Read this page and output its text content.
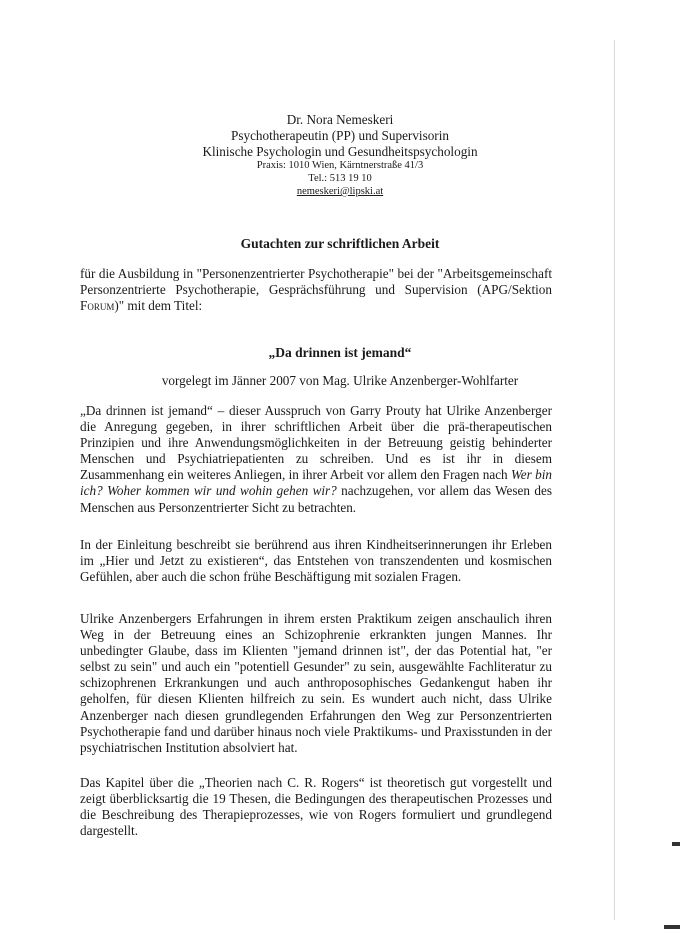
Dr. Nora Nemeskeri
Psychotherapeutin (PP) und Supervisorin
Klinische Psychologin und Gesundheitspsychologin
Praxis: 1010 Wien, Kärntnerstraße 41/3
Tel.: 513 19 10
nemeskeri@lipski.at
Gutachten zur schriftlichen Arbeit

für die Ausbildung in "Personenzentrierter Psychotherapie" bei der "Arbeitsgemeinschaft Personzentrierte Psychotherapie, Gesprächsführung und Supervision (APG/Sektion Forum)" mit dem Titel:

„Da drinnen ist jemand“
vorgelegt im Jänner 2007 von Mag. Ulrike Anzenberger-Wohlfarter

„Da drinnen ist jemand“ – dieser Ausspruch von Garry Prouty hat Ulrike Anzenberger die Anregung gegeben, in ihrer schriftlichen Arbeit über die prä-therapeutischen Prinzipien und ihre Anwendungsmöglichkeiten in der Betreuung geistig behinderter Menschen und Psychiatriepatienten zu schreiben. Und es ist ihr in diesem Zusammenhang ein weiteres Anliegen, in ihrer Arbeit vor allem den Fragen nach Wer bin ich? Woher kommen wir und wohin gehen wir? nachzugehen, vor allem das Wesen des Menschen aus Personzentrierter Sicht zu betrachten.

In der Einleitung beschreibt sie berührend aus ihren Kindheitserinnerungen ihr Erleben im „Hier und Jetzt zu existieren“, das Entstehen von transzendenten und kosmischen Gefühlen, aber auch die schon frühe Beschäftigung mit sozialen Fragen.

Ulrike Anzenbergers Erfahrungen in ihrem ersten Praktikum zeigen anschaulich ihren Weg in der Betreuung eines an Schizophrenie erkrankten jungen Mannes. Ihr unbedingter Glaube, dass im Klienten "jemand drinnen ist", der das Potential hat, "er selbst zu sein" und auch ein "potentiell Gesunder" zu sein, ausgewählte Fachliteratur zu schizophrenen Erkrankungen und auch anthroposophisches Gedankengut haben ihr geholfen, für diesen Klienten hilfreich zu sein. Es wundert auch nicht, dass Ulrike Anzenberger nach diesen grundlegenden Erfahrungen den Weg zur Personzentrierten Psychotherapie fand und darüber hinaus noch viele Praktikums- und Praxisstunden in der psychiatrischen Institution absolviert hat.

Das Kapitel über die „Theorien nach C. R. Rogers“ ist theoretisch gut vorgestellt und zeigt überblicksartig die 19 Thesen, die Bedingungen des therapeutischen Prozesses und die Beschreibung des Therapieprozesses, wie von Rogers formuliert und grundlegend dargestellt.
